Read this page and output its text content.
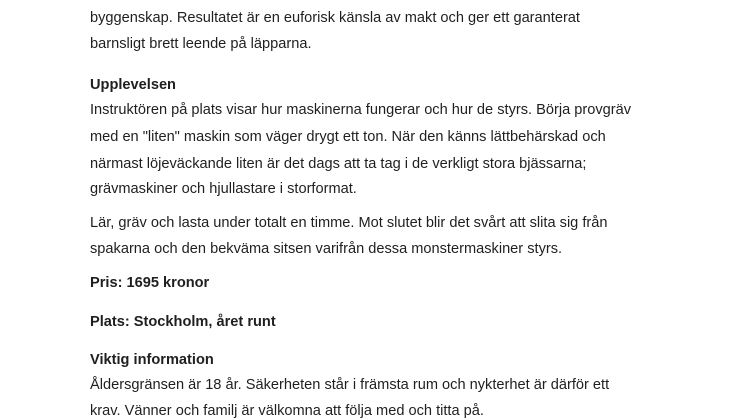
byggenskap. Resultatet är en euforisk känsla av makt och ger ett garanterat
barnsligt brett leende på läpparna.
Upplevelsen
Instruktören på plats visar hur maskinerna fungerar och hur de styrs. Börja provgräv
med en "liten" maskin som väger drygt ett ton. När den känns lättbehärskad och
närmast löjeväckande liten är det dags att ta tag i de verkligt stora bjässarna;
grävmaskiner och hjullastare i storformat.
Lär, gräv och lasta under totalt en timme. Mot slutet blir det svårt att slita sig från
spakarna och den bekväma sitsen varifrån dessa monstermaskiner styrs.
Pris: 1695 kronor
Plats: Stockholm, året runt
Viktig information
Åldersgränsen är 18 år. Säkerheten står i främsta rum och nykterhet är därför ett
krav. Vänner och familj är välkomna att följa med och titta på.
